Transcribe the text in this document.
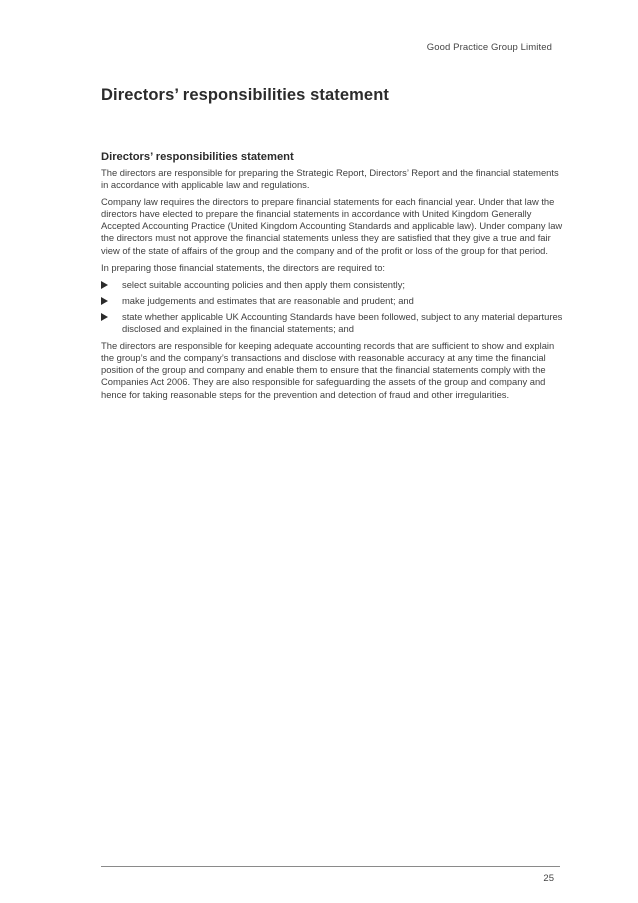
Good Practice Group Limited
Directors’ responsibilities statement
Directors’ responsibilities statement

The directors are responsible for preparing the Strategic Report, Directors’ Report and the financial statements in accordance with applicable law and regulations.

Company law requires the directors to prepare financial statements for each financial year. Under that law the directors have elected to prepare the financial statements in accordance with United Kingdom Generally Accepted Accounting Practice (United Kingdom Accounting Standards and applicable law). Under company law the directors must not approve the financial statements unless they are satisfied that they give a true and fair view of the state of affairs of the group and the company and of the profit or loss of the group for that period.

In preparing those financial statements, the directors are required to:

select suitable accounting policies and then apply them consistently;
make judgements and estimates that are reasonable and prudent; and
state whether applicable UK Accounting Standards have been followed, subject to any material departures disclosed and explained in the financial statements; and

The directors are responsible for keeping adequate accounting records that are sufficient to show and explain the group’s and the company’s transactions and disclose with reasonable accuracy at any time the financial position of the group and company and enable them to ensure that the financial statements comply with the Companies Act 2006. They are also responsible for safeguarding the assets of the group and company and hence for taking reasonable steps for the prevention and detection of fraud and other irregularities.

25
